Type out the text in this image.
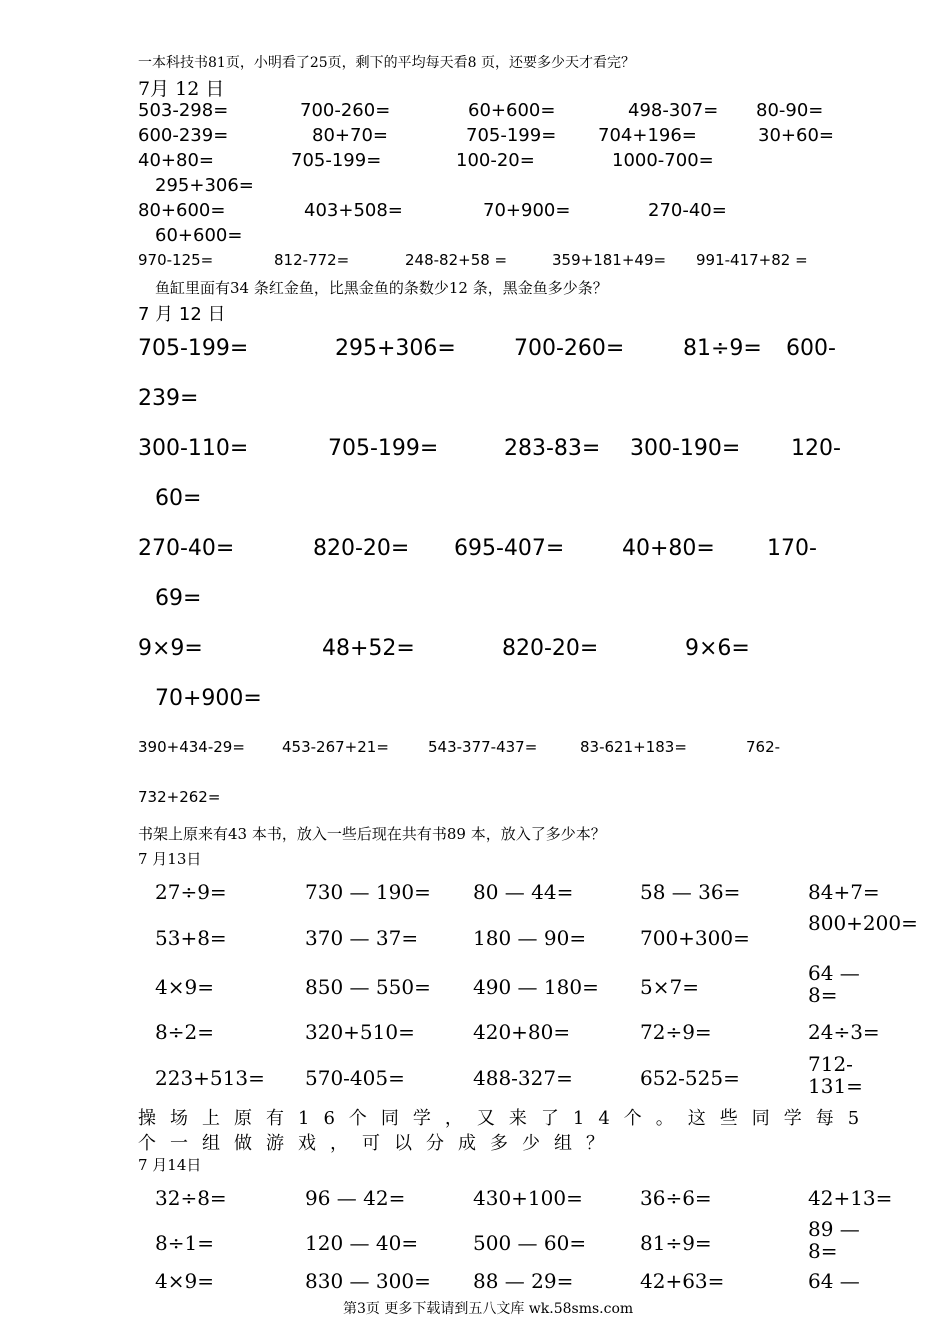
一本科技书81页，小明看了25页，剩下的平均每天看8 页，还要多少天才看完？
7月 12 日
503-298=	700-260=	60+600=	498-307= 80-90=
600-239=	80+70=	705-199= 704+196=	30+60=
40+80=	705-199=	100-20=	1000-700=
295+306=
80+600=	403+508=	70+900=	270-40=
60+600=
970-125=	812-772=	248-82+58 =	359+181+49= 991-417+82 =
鱼缸里面有34 条红金鱼，比黑金鱼的条数少12 条，黑金鱼多少条？
7 月 12 日
705-199=	295+306=	700-260=	81÷9= 600-
239=
300-110=	705-199=	283-83= 300-190= 120-
60=
270-40=	820-20= 695-407=	40+80= 170-
69=
9×9=	48+52=	820-20=	9×6=
70+900=
390+434-29= 453-267+21=	543-377-437=	83-621+183=	762-
732+262=
书架上原来有43 本书，放入一些后现在共有书89 本，放入了多少本？
7 月13日
27÷9=	730 — 190= 80 — 44=	58 — 36=	84+7=
53+8=	370 — 37=	180 — 90=	700+300=
800+200=
4×9=	850 — 550= 490 — 180= 5×7=
64 — 8=
8÷2=	320+510=	420+80=	72÷9=	24÷3=
223+513= 570-405=	488-327=	652-525=
712-131=
操场上原有16个同学，又来了14个。这些同学每5
个一组做游戏，可以分成多少组？
7 月14日
32÷8=	96 — 42=	430+100=	36÷6=	42+13=
8÷1=	120 — 40=	500 — 60=	81÷9=
89 — 8=
4×9=	830 — 300= 88 — 29=	42+63=	64 —
第3页 更多下载请到五八文库 wk.58sms.com
